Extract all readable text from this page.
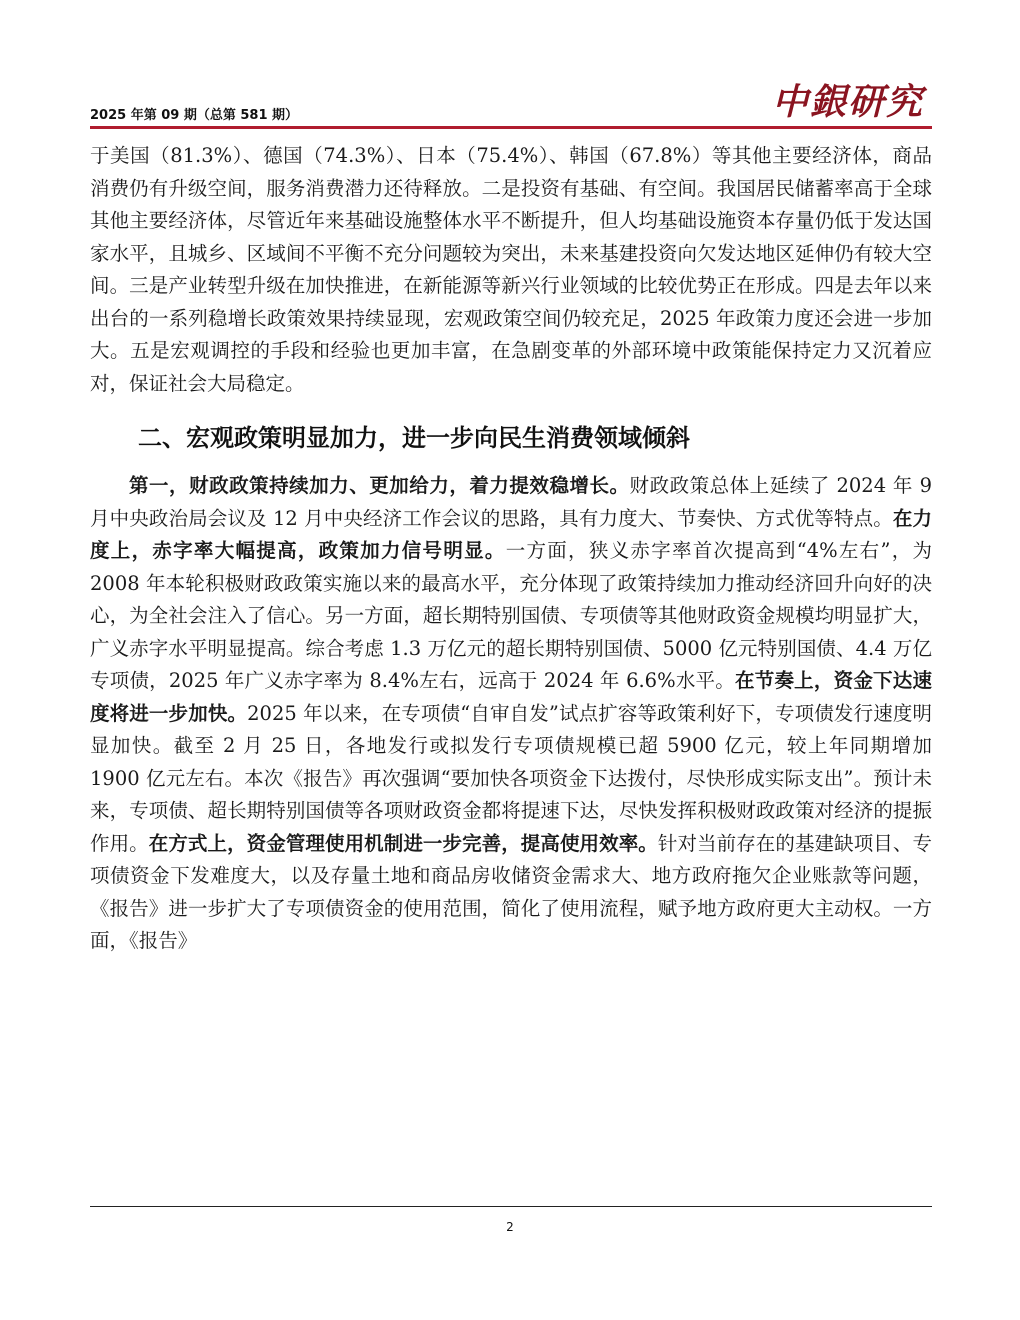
2025 年第 09 期（总第 581 期）	中銀研究

于美国（81.3%）、德国（74.3%）、日本（75.4%）、韩国（67.8%）等其他主要经济体，商品消费仍有升级空间，服务消费潜力还待释放。二是投资有基础、有空间。我国居民储蓄率高于全球其他主要经济体，尽管近年来基础设施整体水平不断提升，但人均基础设施资本存量仍低于发达国家水平，且城乡、区域间不平衡不充分问题较为突出，未来基建投资向欠发达地区延伸仍有较大空间。三是产业转型升级在加快推进，在新能源等新兴行业领域的比较优势正在形成。四是去年以来出台的一系列稳增长政策效果持续显现，宏观政策空间仍较充足，2025 年政策力度还会进一步加大。五是宏观调控的手段和经验也更加丰富，在急剧变革的外部环境中政策能保持定力又沉着应对，保证社会大局稳定。

二、宏观政策明显加力，进一步向民生消费领域倾斜

第一，财政政策持续加力、更加给力，着力提效稳增长。财政政策总体上延续了 2024 年 9 月中央政治局会议及 12 月中央经济工作会议的思路，具有力度大、节奏快、方式优等特点。在力度上，赤字率大幅提高，政策加力信号明显。一方面，狭义赤字率首次提高到“4%左右”，为 2008 年本轮积极财政政策实施以来的最高水平，充分体现了政策持续加力推动经济回升向好的决心，为全社会注入了信心。另一方面，超长期特别国债、专项债等其他财政资金规模均明显扩大，广义赤字水平明显提高。综合考虑 1.3 万亿元的超长期特别国债、5000 亿元特别国债、4.4 万亿专项债，2025 年广义赤字率为 8.4%左右，远高于 2024 年 6.6%水平。在节奏上，资金下达速度将进一步加快。2025 年以来，在专项债“自审自发”试点扩容等政策利好下，专项债发行速度明显加快。截至 2 月 25 日，各地发行或拟发行专项债规模已超 5900 亿元，较上年同期增加 1900 亿元左右。本次《报告》再次强调“要加快各项资金下达拨付，尽快形成实际支出”。预计未来，专项债、超长期特别国债等各项财政资金都将提速下达，尽快发挥积极财政政策对经济的提振作用。在方式上，资金管理使用机制进一步完善，提高使用效率。针对当前存在的基建缺项目、专项债资金下发难度大，以及存量土地和商品房收储资金需求大、地方政府拖欠企业账款等问题，《报告》进一步扩大了专项债资金的使用范围，简化了使用流程，赋予地方政府更大主动权。一方面，《报告》

2
